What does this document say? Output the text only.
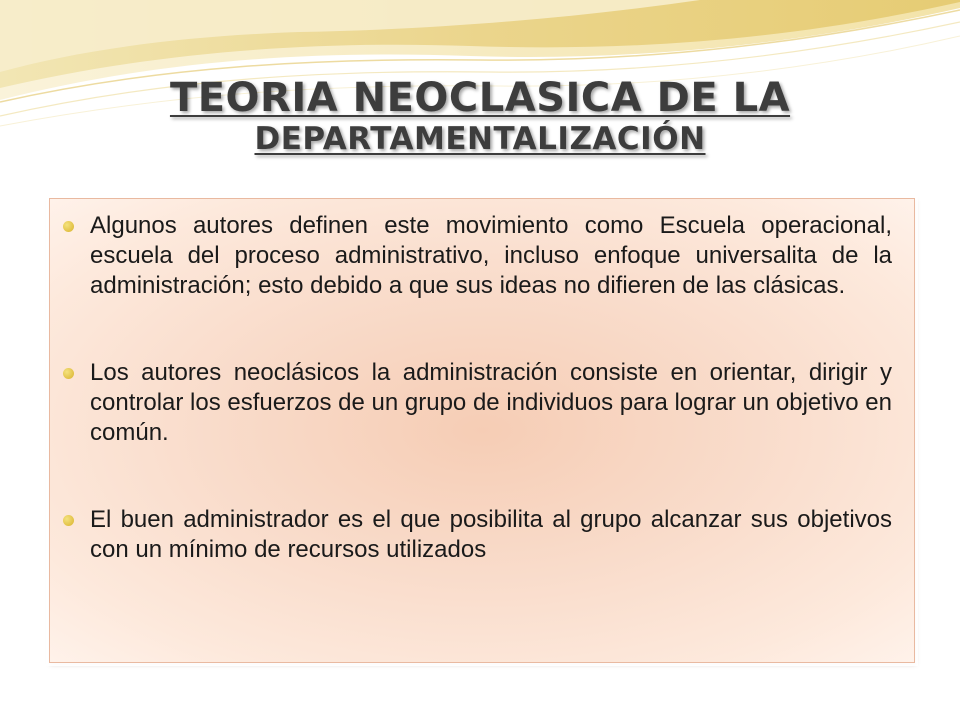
TEORIA NEOCLASICA DE LA
DEPARTAMENTALIZACIÓN
Algunos autores definen este movimiento como Escuela operacional, escuela del proceso administrativo, incluso enfoque universalita de la administración; esto debido a que sus ideas no difieren de las clásicas.
Los autores neoclásicos la administración consiste en orientar, dirigir y controlar los esfuerzos de un grupo de individuos para lograr un objetivo en común.
El buen administrador es el que posibilita al grupo alcanzar sus objetivos con un mínimo de recursos utilizados
